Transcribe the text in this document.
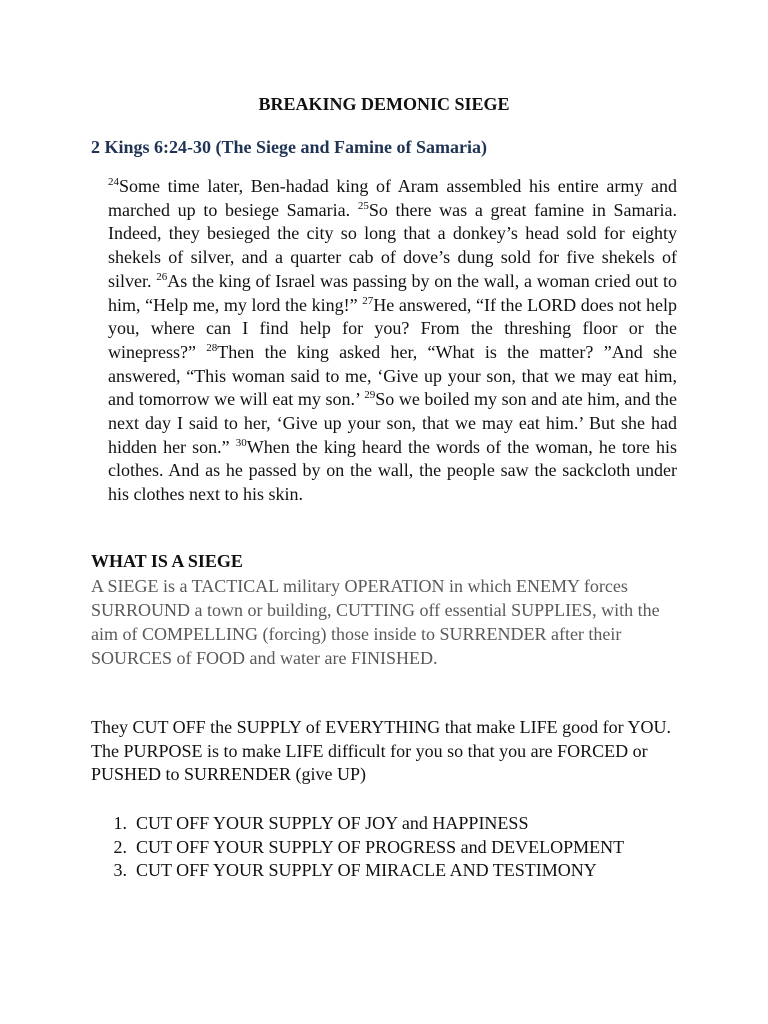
BREAKING DEMONIC SIEGE
2 Kings 6:24-30 (The Siege and Famine of Samaria)
$^{24}$Some time later, Ben-hadad king of Aram assembled his entire army and marched up to besiege Samaria. $^{25}$So there was a great famine in Samaria. Indeed, they besieged the city so long that a donkey’s head sold for eighty shekels of silver, and a quarter cab of dove’s dung sold for five shekels of silver. $^{26}$As the king of Israel was passing by on the wall, a woman cried out to him, “Help me, my lord the king!” $^{27}$He answered, “If the LORD does not help you, where can I find help for you? From the threshing floor or the winepress?” $^{28}$Then the king asked her, “What is the matter? ”And she answered, “This woman said to me, ‘Give up your son, that we may eat him, and tomorrow we will eat my son.’ $^{29}$So we boiled my son and ate him, and the next day I said to her, ‘Give up your son, that we may eat him.’ But she had hidden her son.” $^{30}$When the king heard the words of the woman, he tore his clothes. And as he passed by on the wall, the people saw the sackcloth under his clothes next to his skin.
WHAT IS A SIEGE
A SIEGE is a TACTICAL military OPERATION in which ENEMY forces SURROUND a town or building, CUTTING off essential SUPPLIES, with the aim of COMPELLING (forcing) those inside to SURRENDER after their SOURCES of FOOD and water are FINISHED.
They CUT OFF the SUPPLY of EVERYTHING that make LIFE good for YOU. The PURPOSE is to make LIFE difficult for you so that you are FORCED or PUSHED to SURRENDER (give UP)
1. CUT OFF YOUR SUPPLY OF JOY and HAPPINESS
2. CUT OFF YOUR SUPPLY OF PROGRESS and DEVELOPMENT
3. CUT OFF YOUR SUPPLY OF MIRACLE AND TESTIMONY
